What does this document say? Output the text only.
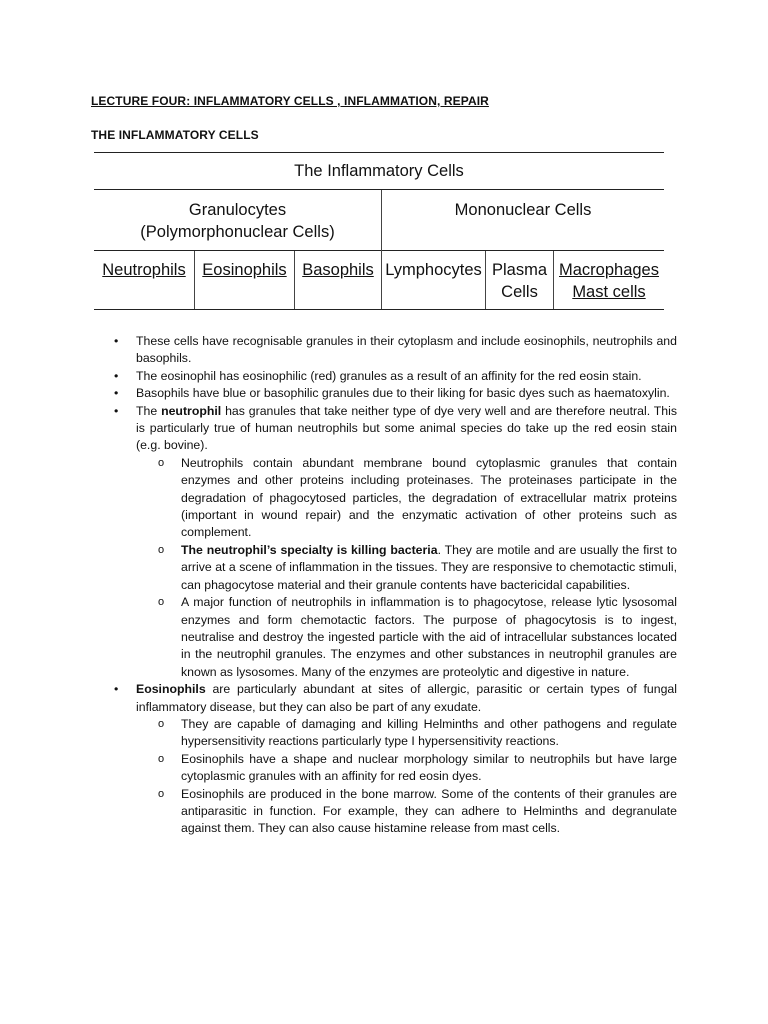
LECTURE FOUR: INFLAMMATORY CELLS , INFLAMMATION, REPAIR
THE INFLAMMATORY CELLS
The Inflammatory Cells
Granulocytes
(Polymorphonuclear Cells)
Mononuclear Cells
Neutrophils	Eosinophils Basophils Lymphocytes Plasma
Cells
Macrophages
Mast cells
• These cells have recognisable granules in their cytoplasm and include eosinophils, neutrophils and basophils.
• The eosinophil has eosinophilic (red) granules as a result of an affinity for the red eosin stain.
• Basophils have blue or basophilic granules due to their liking for basic dyes such as haematoxylin.
• The neutrophil has granules that take neither type of dye very well and are therefore neutral. This is particularly true of human neutrophils but some animal species do take up the red eosin stain (e.g. bovine).
o Neutrophils contain abundant membrane bound cytoplasmic granules that contain enzymes and other proteins including proteinases. The proteinases participate in the degradation of phagocytosed particles, the degradation of extracellular matrix proteins (important in wound repair) and the enzymatic activation of other proteins such as complement.
o The neutrophil’s specialty is killing bacteria. They are motile and are usually the first to arrive at a scene of inflammation in the tissues. They are responsive to chemotactic stimuli, can phagocytose material and their granule contents have bactericidal capabilities.
o A major function of neutrophils in inflammation is to phagocytose, release lytic lysosomal enzymes and form chemotactic factors. The purpose of phagocytosis is to ingest, neutralise and destroy the ingested particle with the aid of intracellular substances located in the neutrophil granules. The enzymes and other substances in neutrophil granules are known as lysosomes. Many of the enzymes are proteolytic and digestive in nature.
• Eosinophils are particularly abundant at sites of allergic, parasitic or certain types of fungal inflammatory disease, but they can also be part of any exudate.
o They are capable of damaging and killing Helminths and other pathogens and regulate hypersensitivity reactions particularly type I hypersensitivity reactions.
o Eosinophils have a shape and nuclear morphology similar to neutrophils but have large cytoplasmic granules with an affinity for red eosin dyes.
o Eosinophils are produced in the bone marrow. Some of the contents of their granules are antiparasitic in function. For example, they can adhere to Helminths and degranulate against them. They can also cause histamine release from mast cells.
